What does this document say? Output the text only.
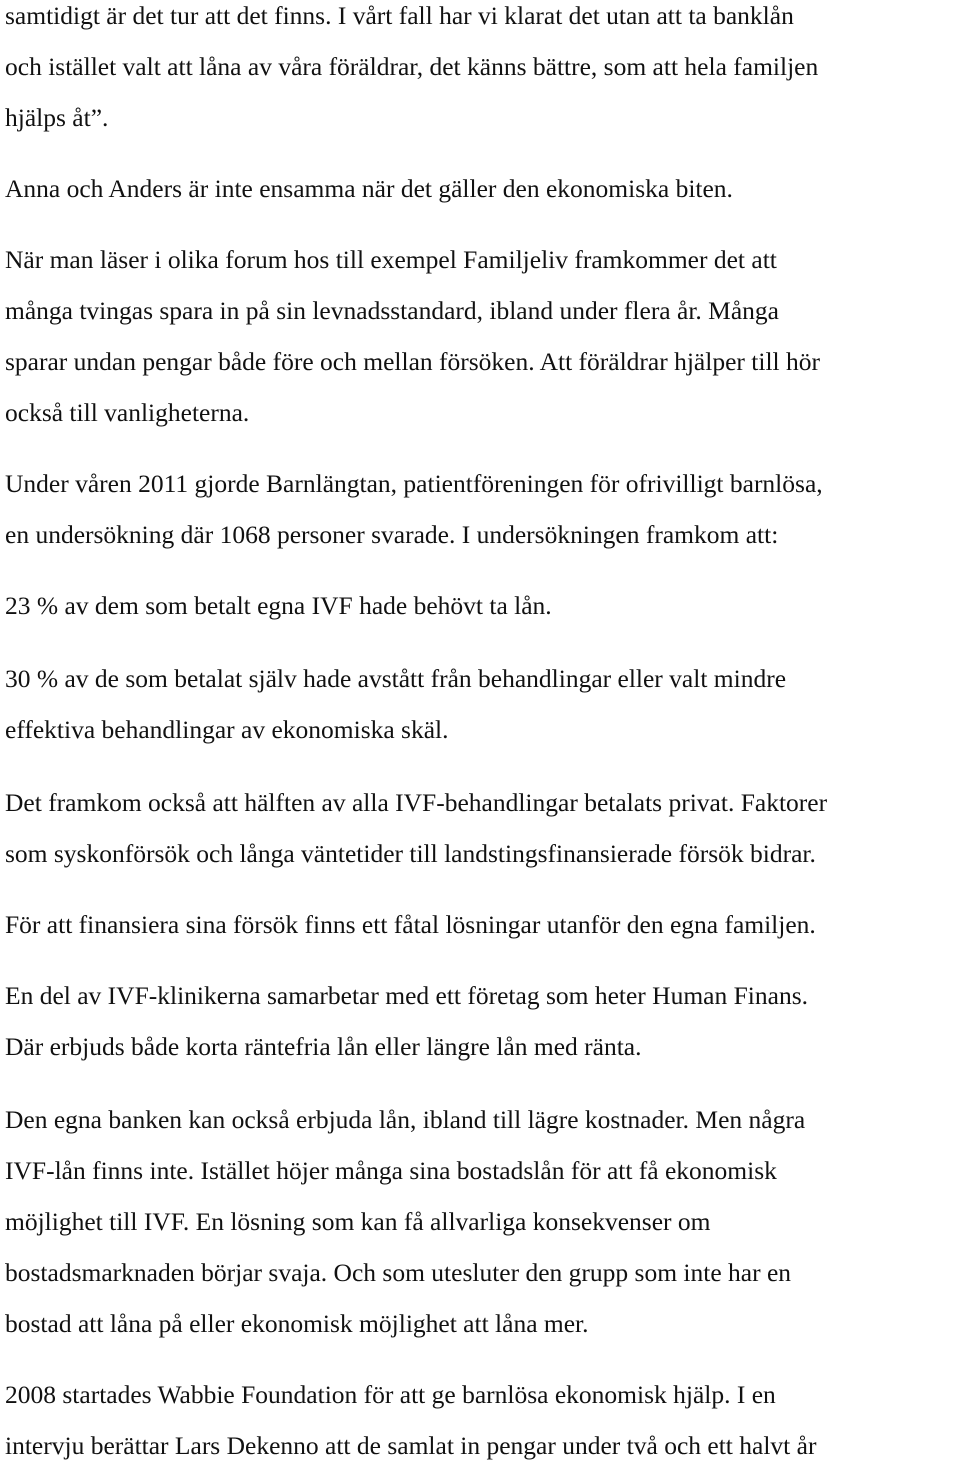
samtidigt är det tur att det finns. I vårt fall har vi klarat det utan att ta banklån

och istället valt att låna av våra föräldrar, det känns bättre, som att hela familjen

hjälps åt”.

Anna och Anders är inte ensamma när det gäller den ekonomiska biten.

När man läser i olika forum hos till exempel Familjeliv framkommer det att

många tvingas spara in på sin levnadsstandard, ibland under flera år. Många

sparar undan pengar både före och mellan försöken. Att föräldrar hjälper till hör

också till vanligheterna.

Under våren 2011 gjorde Barnlängtan, patientföreningen för ofrivilligt barnlösa,

en undersökning där 1068 personer svarade. I undersökningen framkom att:

23 % av dem som betalt egna IVF hade behövt ta lån.

30 % av de som betalat själv hade avstått från behandlingar eller valt mindre

effektiva behandlingar av ekonomiska skäl.

Det framkom också att hälften av alla IVF-behandlingar betalats privat. Faktorer

som syskonförsök och långa väntetider till landstingsfinansierade försök bidrar.

För att finansiera sina försök finns ett fåtal lösningar utanför den egna familjen.

En del av IVF-klinikerna samarbetar med ett företag som heter Human Finans.

Där erbjuds både korta räntefria lån eller längre lån med ränta.

Den egna banken kan också erbjuda lån, ibland till lägre kostnader. Men några

IVF-lån finns inte. Istället höjer många sina bostadslån för att få ekonomisk

möjlighet till IVF. En lösning som kan få allvarliga konsekvenser om

bostadsmarknaden börjar svaja. Och som utesluter den grupp som inte har en

bostad att låna på eller ekonomisk möjlighet att låna mer.

2008 startades Wabbie Foundation för att ge barnlösa ekonomisk hjälp. I en

intervju berättar Lars Dekenno att de samlat in pengar under två och ett halvt år
